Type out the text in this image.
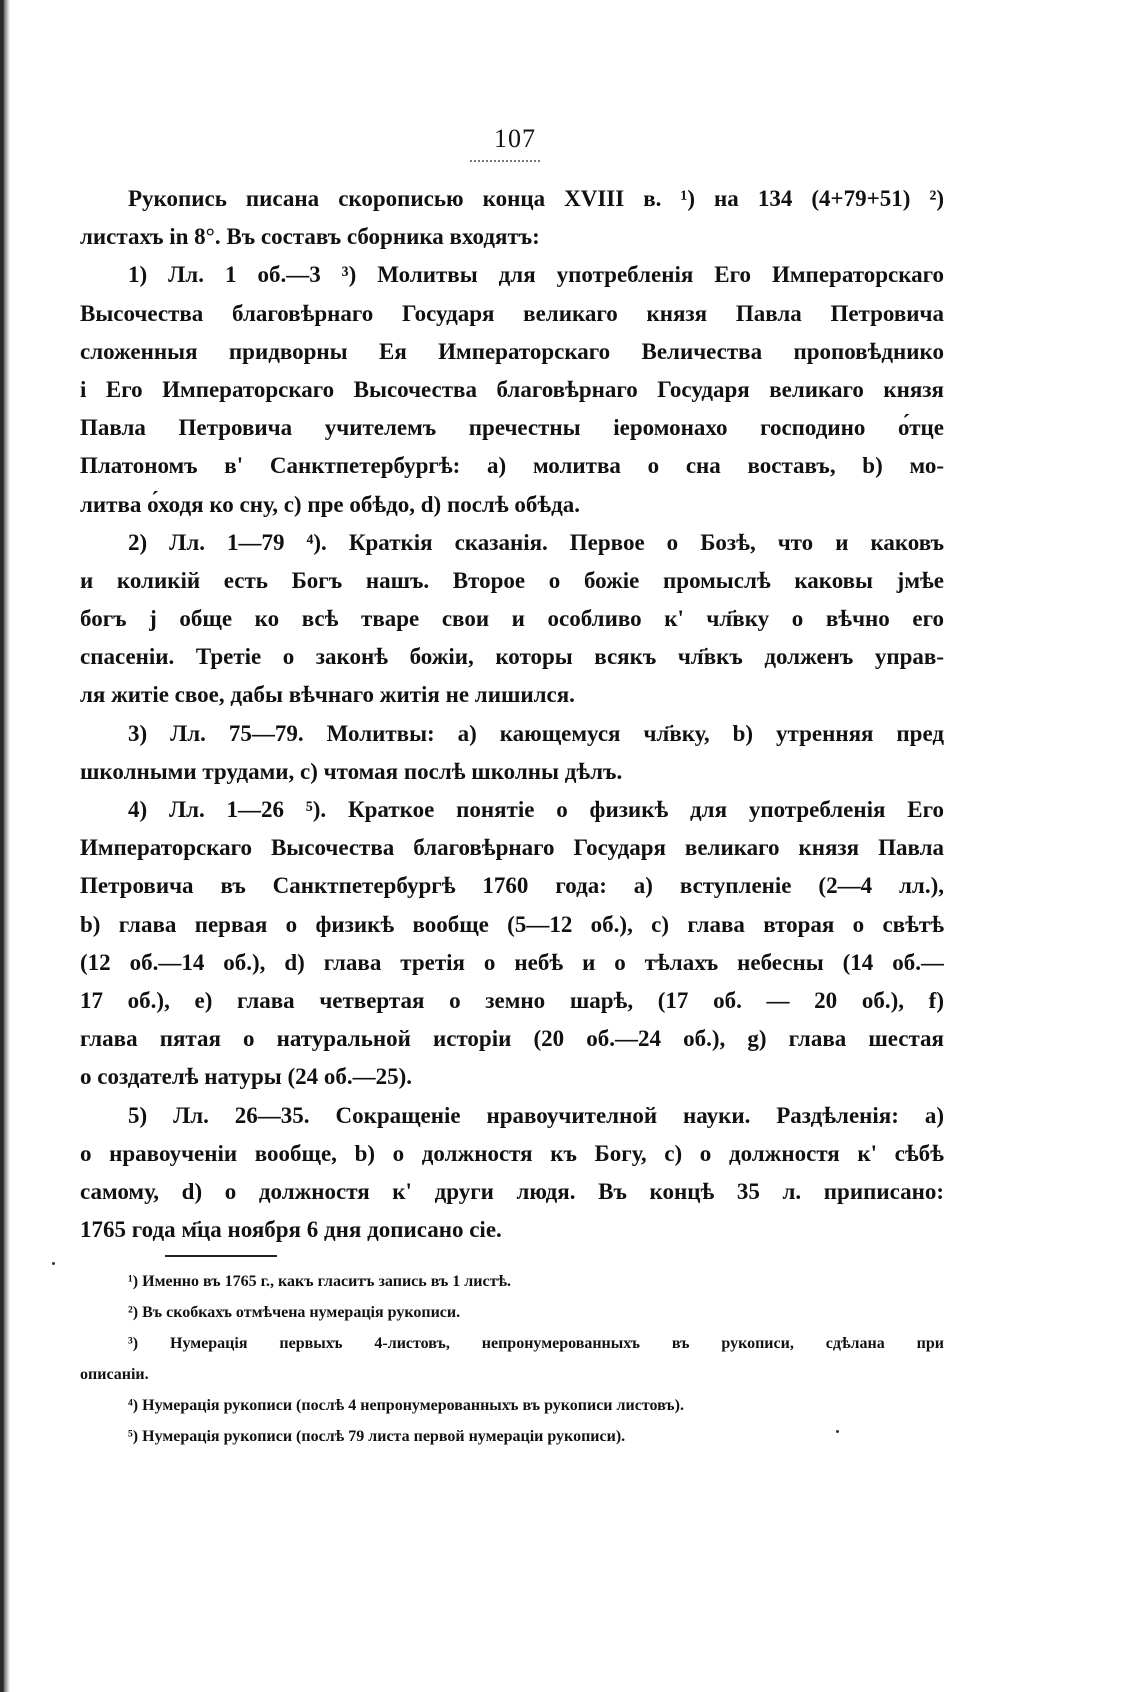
107
Рукопись писана скорописью конца XVIII в. ¹) на 134 (4+79+51) ²)
листахъ in 8°. Въ составъ сборника входятъ:
1) Лл. 1 об.—3 ³) Молитвы для употребленія Его Императорскаго
Высочества благовѣрнаго Государя великаго князя Павла Петровича
сложенныя придворны Ея Императорскаго Величества проповѣднико
і Его Императорскаго Высочества благовѣрнаго Государя великаго князя
Павла Петровича учителемъ пречестны іеромонахо господино о́тце
Платономъ в' Санктпетербургѣ: а) молитва о сна воставъ, b) мо-
литва о́ходя ко сну, с) пре обѣдо, d) послѣ обѣда.
2) Лл. 1—79 ⁴). Краткія сказанія. Первое о Бозѣ, что и каковъ
и коликій есть Богъ нашъ. Второе о божіе промыслѣ каковы јмѣе
богъ ј обще ко всѣ тваре свои и особливо к' чл҃вку о вѣчно его
спасеніи. Третіе о законѣ божіи, которы всякъ чл҃вкъ долженъ управ-
ля житіе свое, дабы вѣчнаго житія не лишился.
3) Лл. 75—79. Молитвы: а) кающемуся чл҃вку, b) утренняя пред
школными трудами, с) чтомая послѣ школны дѣлъ.
4) Лл. 1—26 ⁵). Краткое понятіе о физикѣ для употребленія Его
Императорскаго Высочества благовѣрнаго Государя великаго князя Павла
Петровича въ Санктпетербургѣ 1760 года: а) вступленіе (2—4 лл.),
b) глава первая о физикѣ вообще (5—12 об.), с) глава вторая о свѣтѣ
(12 об.—14 об.), d) глава третія о небѣ и о тѣлахъ небесны (14 об.—
17 об.), е) глава четвертая о земно шарѣ, (17 об. — 20 об.), f)
глава пятая о натуральной исторіи (20 об.—24 об.), g) глава шестая
о создателѣ натуры (24 об.—25).
5) Лл. 26—35. Сокращеніе нравоучителной науки. Раздѣленія: а)
о нравоученіи вообще, b) о должностя къ Богу, с) о должностя к' сѣбѣ
самому, d) о должностя к' други людя. Въ концѣ 35 л. приписано:
1765 года м҃ца ноября 6 дня дописано сіе.
¹) Именно въ 1765 г., какъ гласитъ запись въ 1 листѣ.
²) Въ скобкахъ отмѣчена нумерація рукописи.
³) Нумерація первыхъ 4-листовъ, непронумерованныхъ въ рукописи, сдѣлана при
описаніи.
⁴) Нумерація рукописи (послѣ 4 непронумерованныхъ въ рукописи листовъ).
⁵) Нумерація рукописи (послѣ 79 листа первой нумераціи рукописи).
